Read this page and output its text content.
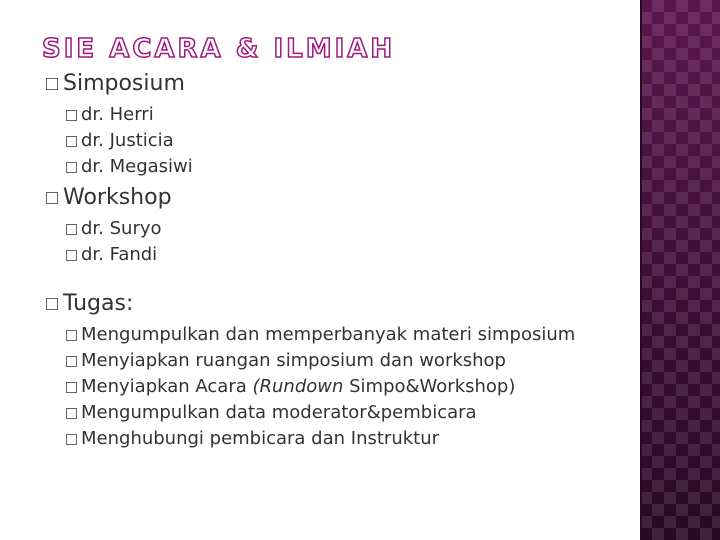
SIE ACARA & ILMIAH
Simposium
dr. Herri
dr. Justicia
dr. Megasiwi
Workshop
dr. Suryo
dr. Fandi
Tugas:
Mengumpulkan dan memperbanyak materi simposium
Menyiapkan ruangan simposium dan workshop
Menyiapkan Acara (Rundown Simpo&Workshop)
Mengumpulkan data moderator&pembicara
Menghubungi pembicara dan Instruktur
